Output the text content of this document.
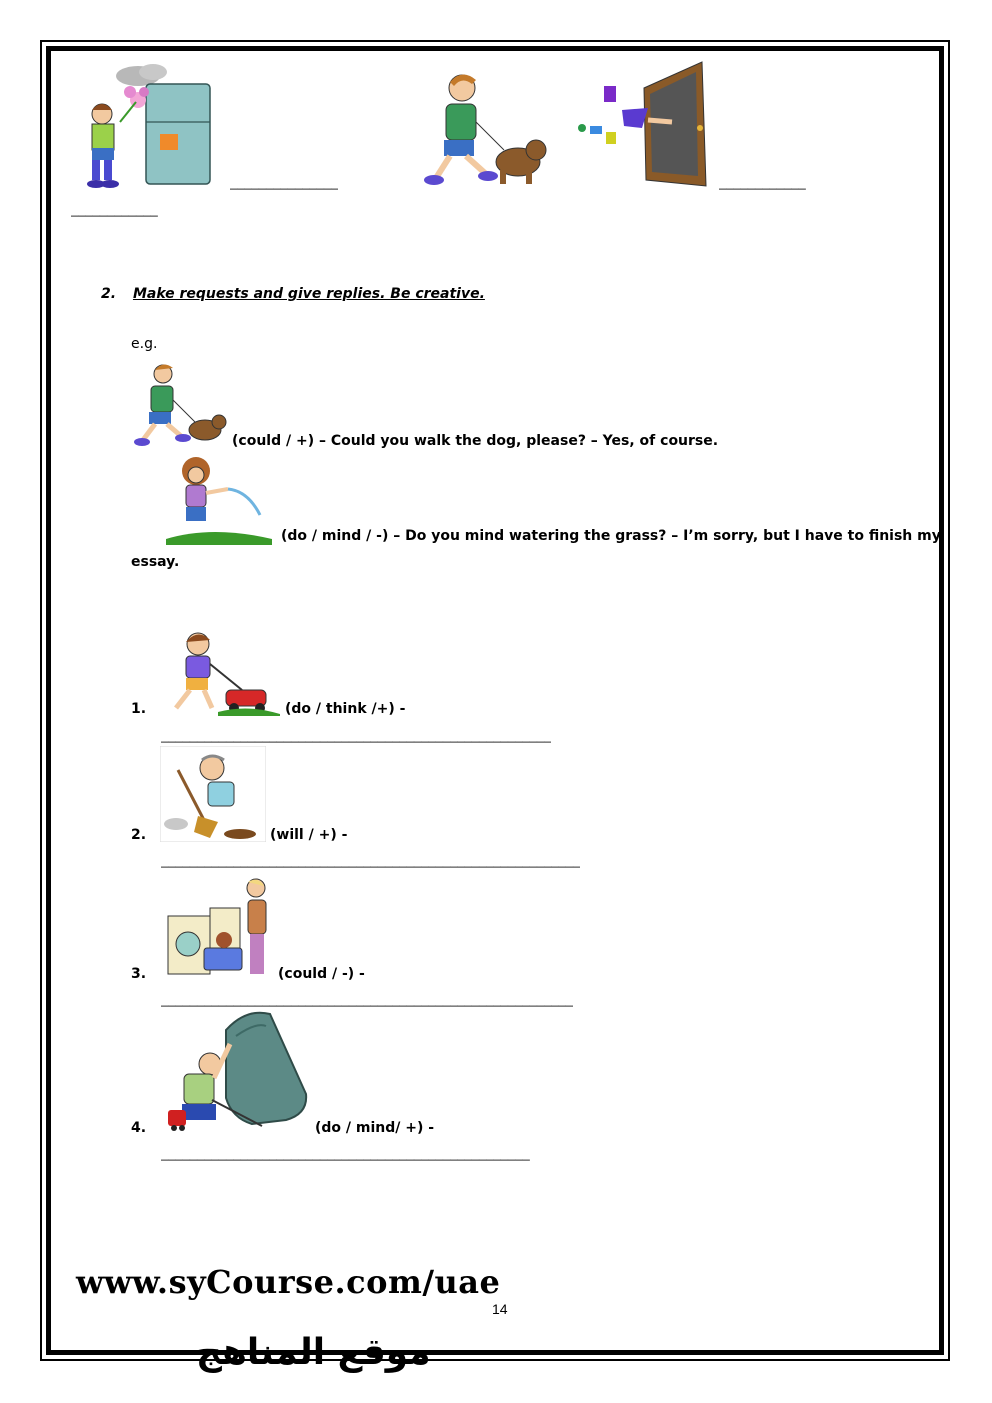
_______________	____________
____________
2. Make requests and give replies. Be creative.
e.g.
(could / +) – Could you walk the dog, please? – Yes, of course.
(do / mind / -) – Do you mind watering the grass? – I’m sorry, but I have to finish my
essay.
1.	(do / think /+) -
______________________________________________________
2.	(will / +) -
__________________________________________________________
3.	(could / -) -
_________________________________________________________
4.	(do / mind/ +) -
___________________________________________________
www.syCourse.com/uae
14
موقع المناهج
